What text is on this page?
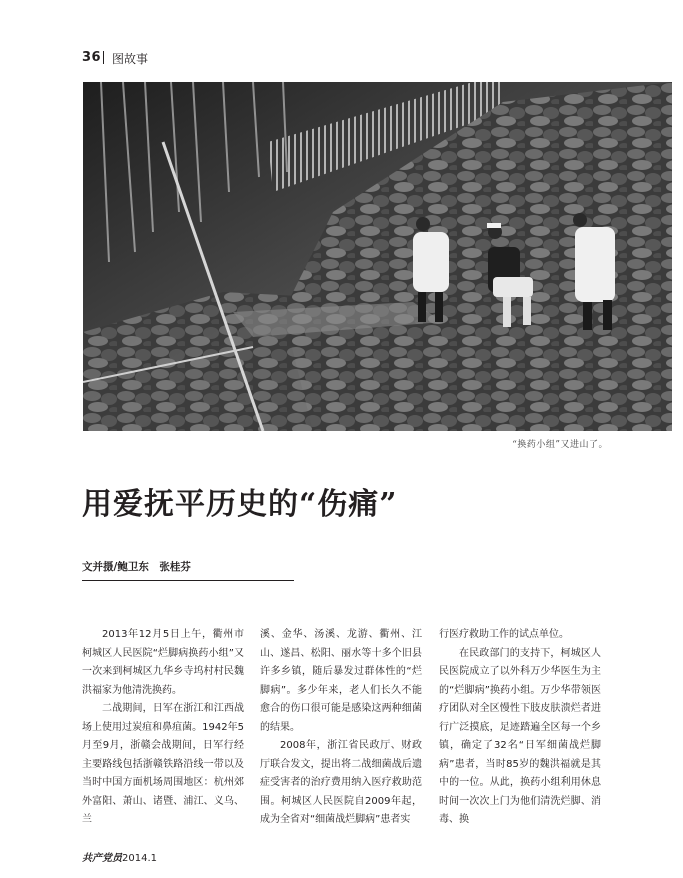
36 图故事
“换药小组”又进山了。
用爱抚平历史的“伤痛”
文并摄/鲍卫东　张桂芬

2013年12月5日上午，衢州市柯城区人民医院“烂脚病换药小组”又一次来到柯城区九华乡寺坞村村民魏洪福家为他清洗换药。

二战期间，日军在浙江和江西战场上使用过炭疽和鼻疽菌。1942年5月至9月，浙赣会战期间，日军行经主要路线包括浙赣铁路沿线一带以及当时中国方面机场周围地区：杭州郊外富阳、萧山、诸暨、浦江、义乌、兰

溪、金华、汤溪、龙游、衢州、江山、遂昌、松阳、丽水等十多个旧县许多乡镇，随后暴发过群体性的“烂脚病”。多少年来，老人们长久不能愈合的伤口很可能是感染这两种细菌的结果。

2008年，浙江省民政厅、财政厅联合发文，提出将二战细菌战后遗症受害者的治疗费用纳入医疗救助范围。柯城区人民医院自2009年起，成为全省对“细菌战烂脚病”患者实

行医疗救助工作的试点单位。

在民政部门的支持下，柯城区人民医院成立了以外科万少华医生为主的“烂脚病”换药小组。万少华带领医疗团队对全区慢性下肢皮肤溃烂者进行广泛摸底，足迹踏遍全区每一个乡镇，确定了32名“日军细菌战烂脚病”患者，当时85岁的魏洪福就是其中的一位。从此，换药小组利用休息时间一次次上门为他们清洗烂脚、消毒、换

共产党员2014.1
